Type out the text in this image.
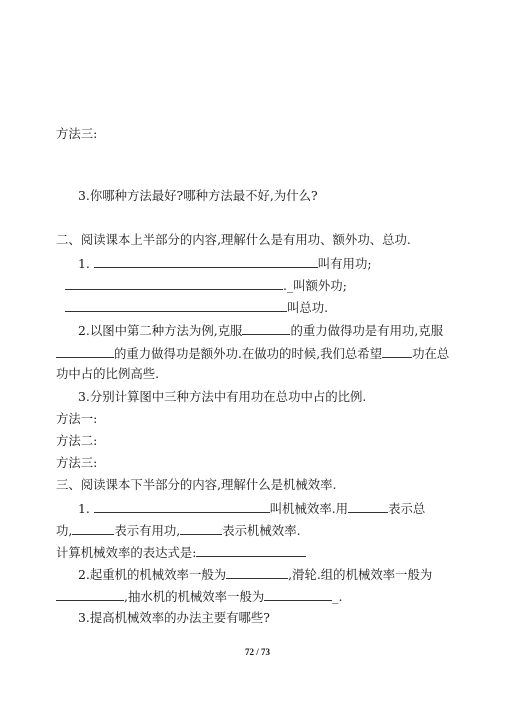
方法三:
3.你哪种方法最好?哪种方法最不好,为什么?
二、阅读课本上半部分的内容,理解什么是有用功、额外功、总功.
1.	叫有用功;
._叫额外功;
叫总功.
2.以图中第二种方法为例,克服	的重力做得功是有用功,克服
的重力做得功是额外功.在做功的时候,我们总希望 功在总
功中占的比例高些.
3.分别计算图中三种方法中有用功在总功中占的比例.
方法一:
方法二:
方法三:
三、阅读课本下半部分的内容,理解什么是机械效率.
1.	叫机械效率.用	表示总
功,	表示有用功,	表示机械效率.
计算机械效率的表达式是:
2.起重机的机械效率一般为	,滑轮.组的机械效率一般为
,抽水机的机械效率一般为	_.
3.提高机械效率的办法主要有哪些?
72 / 73
